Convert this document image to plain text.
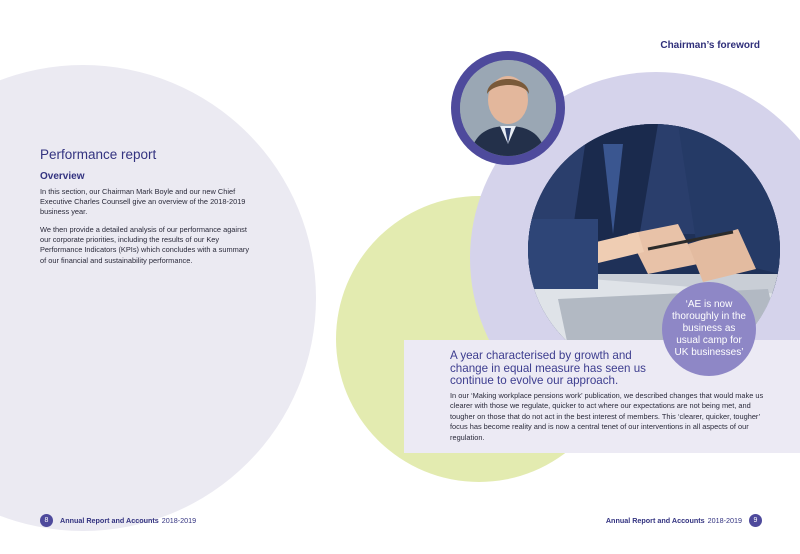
‘AE is now thoroughly in the business as usual camp for UK businesses’
A year characterised by growth and change in equal measure has seen us continue to evolve our approach.

In our ‘Making workplace pensions work’ publication, we described changes that would make us clearer with those we regulate, quicker to act where our expectations are not being met, and tougher on those that do not act in the best interest of members. This ‘clearer, quicker, tougher’ focus has become reality and is now a central tenet of our interventions in all aspects of our regulation.

Chairman’s foreword
Performance report
Overview

In this section, our Chairman Mark Boyle and our new Chief Executive Charles Counsell give an overview of the 2018-2019 business year.

We then provide a detailed analysis of our performance against our corporate priorities, including the results of our Key Performance Indicators (KPIs) which concludes with a summary of our financial and sustainability performance.

8	Annual Report and Accounts 2018-2019	Annual Report and Accounts 2018-2019	9
